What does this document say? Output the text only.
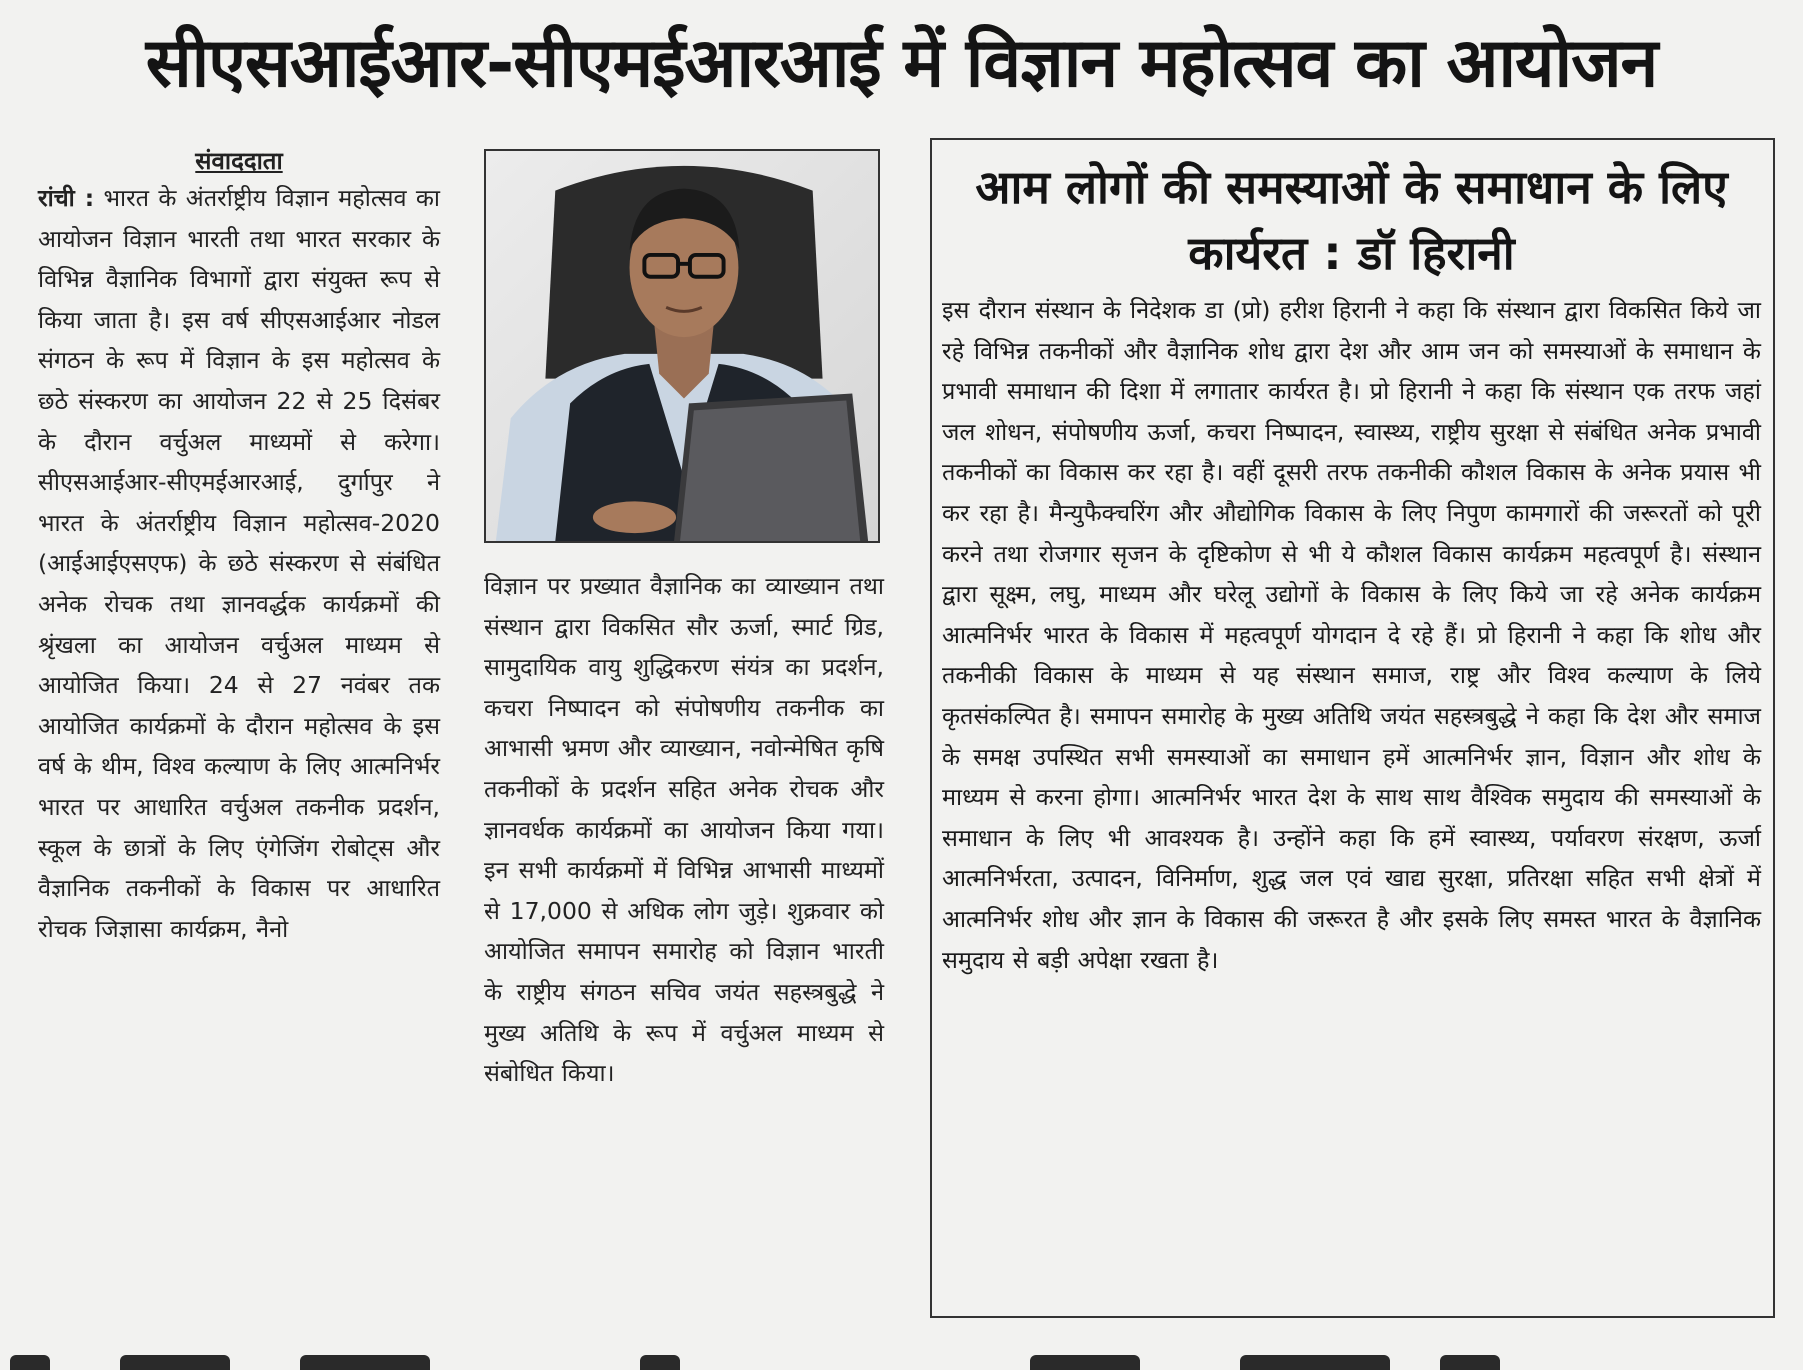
सीएसआईआर-सीएमईआरआई में विज्ञान महोत्सव का आयोजन
संवाददाता

रांची : भारत के अंतर्राष्ट्रीय विज्ञान महोत्सव का आयोजन विज्ञान भारती तथा भारत सरकार के विभिन्न वैज्ञानिक विभागों द्वारा संयुक्त रूप से किया जाता है। इस वर्ष सीएसआईआर नोडल संगठन के रूप में विज्ञान के इस महोत्सव के छठे संस्करण का आयोजन 22 से 25 दिसंबर के दौरान वर्चुअल माध्यमों से करेगा। सीएसआईआर-सीएमईआरआई, दुर्गापुर ने भारत के अंतर्राष्ट्रीय विज्ञान महोत्सव-2020 (आईआईएसएफ) के छठे संस्करण से संबंधित अनेक रोचक तथा ज्ञानवर्द्धक कार्यक्रमों की श्रृंखला का आयोजन वर्चुअल माध्यम से आयोजित किया। 24 से 27 नवंबर तक आयोजित कार्यक्रमों के दौरान महोत्सव के इस वर्ष के थीम, विश्व कल्याण के लिए आत्मनिर्भर भारत पर आधारित वर्चुअल तकनीक प्रदर्शन, स्कूल के छात्रों के लिए एंगेजिंग रोबोट्स और वैज्ञानिक तकनीकों के विकास पर आधारित रोचक जिज्ञासा कार्यक्रम, नैनो

विज्ञान पर प्रख्यात वैज्ञानिक का व्याख्यान तथा संस्थान द्वारा विकसित सौर ऊर्जा, स्मार्ट ग्रिड, सामुदायिक वायु शुद्धिकरण संयंत्र का प्रदर्शन, कचरा निष्पादन को संपोषणीय तकनीक का आभासी भ्रमण और व्याख्यान, नवोन्मेषित कृषि तकनीकों के प्रदर्शन सहित अनेक रोचक और ज्ञानवर्धक कार्यक्रमों का आयोजन किया गया। इन सभी कार्यक्रमों में विभिन्न आभासी माध्यमों से 17,000 से अधिक लोग जुड़े। शुक्रवार को आयोजित समापन समारोह को विज्ञान भारती के राष्ट्रीय संगठन सचिव जयंत सहस्त्रबुद्धे ने मुख्य अतिथि के रूप में वर्चुअल माध्यम से संबोधित किया।

आम लोगों की समस्याओं के समाधान के लिए कार्यरत : डॉ हिरानी

इस दौरान संस्थान के निदेशक डा (प्रो) हरीश हिरानी ने कहा कि संस्थान द्वारा विकसित किये जा रहे विभिन्न तकनीकों और वैज्ञानिक शोध द्वारा देश और आम जन को समस्याओं के समाधान के प्रभावी समाधान की दिशा में लगातार कार्यरत है। प्रो हिरानी ने कहा कि संस्थान एक तरफ जहां जल शोधन, संपोषणीय ऊर्जा, कचरा निष्पादन, स्वास्थ्य, राष्ट्रीय सुरक्षा से संबंधित अनेक प्रभावी तकनीकों का विकास कर रहा है। वहीं दूसरी तरफ तकनीकी कौशल विकास के अनेक प्रयास भी कर रहा है। मैन्युफैक्चरिंग और औद्योगिक विकास के लिए निपुण कामगारों की जरूरतों को पूरी करने तथा रोजगार सृजन के दृष्टिकोण से भी ये कौशल विकास कार्यक्रम महत्वपूर्ण है। संस्थान द्वारा सूक्ष्म, लघु, माध्यम और घरेलू उद्योगों के विकास के लिए किये जा रहे अनेक कार्यक्रम आत्मनिर्भर भारत के विकास में महत्वपूर्ण योगदान दे रहे हैं। प्रो हिरानी ने कहा कि शोध और तकनीकी विकास के माध्यम से यह संस्थान समाज, राष्ट्र और विश्व कल्याण के लिये कृतसंकल्पित है। समापन समारोह के मुख्य अतिथि जयंत सहस्त्रबुद्धे ने कहा कि देश और समाज के समक्ष उपस्थित सभी समस्याओं का समाधान हमें आत्मनिर्भर ज्ञान, विज्ञान और शोध के माध्यम से करना होगा। आत्मनिर्भर भारत देश के साथ साथ वैश्विक समुदाय की समस्याओं के समाधान के लिए भी आवश्यक है। उन्होंने कहा कि हमें स्वास्थ्य, पर्यावरण संरक्षण, ऊर्जा आत्मनिर्भरता, उत्पादन, विनिर्माण, शुद्ध जल एवं खाद्य सुरक्षा, प्रतिरक्षा सहित सभी क्षेत्रों में आत्मनिर्भर शोध और ज्ञान के विकास की जरूरत है और इसके लिए समस्त भारत के वैज्ञानिक समुदाय से बड़ी अपेक्षा रखता है।
